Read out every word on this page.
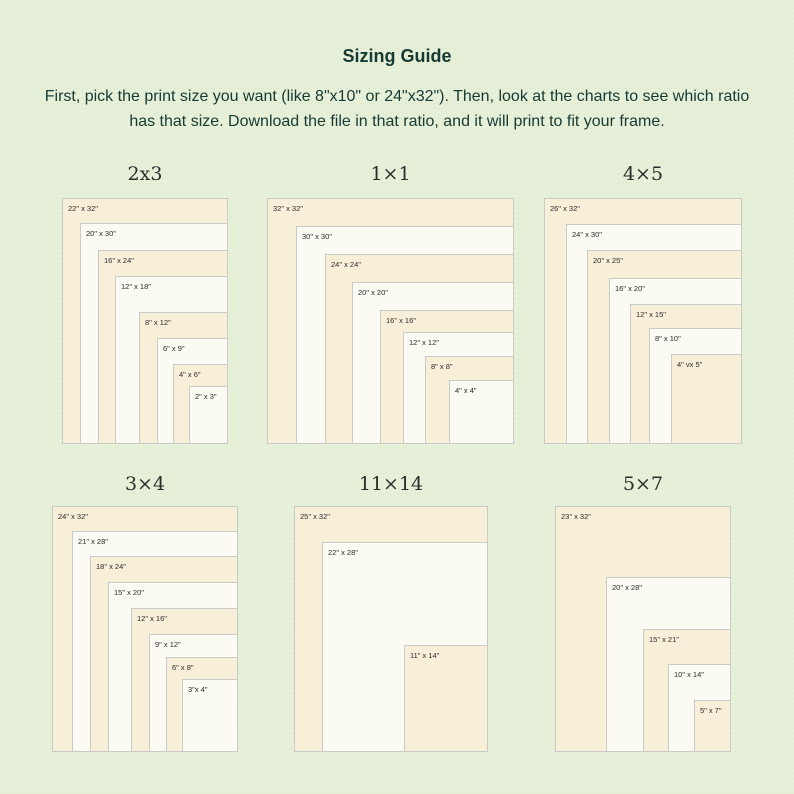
Sizing Guide
First, pick the print size you want (like 8"x10" or 24"x32"). Then, look at the charts to see which ratio has that size. Download the file in that ratio, and it will print to fit your frame.
2x3
22" x 32"
20" x 30"
16" x 24"
12" x 18"
8" x 12"
6" x 9"
4" x 6"
2" x 3"
1×1
32" x 32"
30" x 30"
24" x 24"
20" x 20"
16" x 16"
12" x 12"
8" x 8"
4" x 4"
4×5
26" x 32"
24" x 30"
20" x 25"
16" x 20"
12" x 15"
8" x 10"
4" vx 5"
3×4
24" x 32"
21" x 28"
18" x 24"
15" x 20"
12" x 16"
9" x 12"
6" x 8"
3"x 4"
11×14
25" x 32"
22" x 28"
11" x 14"
5×7
23" x 32"
20" x 28"
15" x 21"
10" x 14"
5" x 7"
